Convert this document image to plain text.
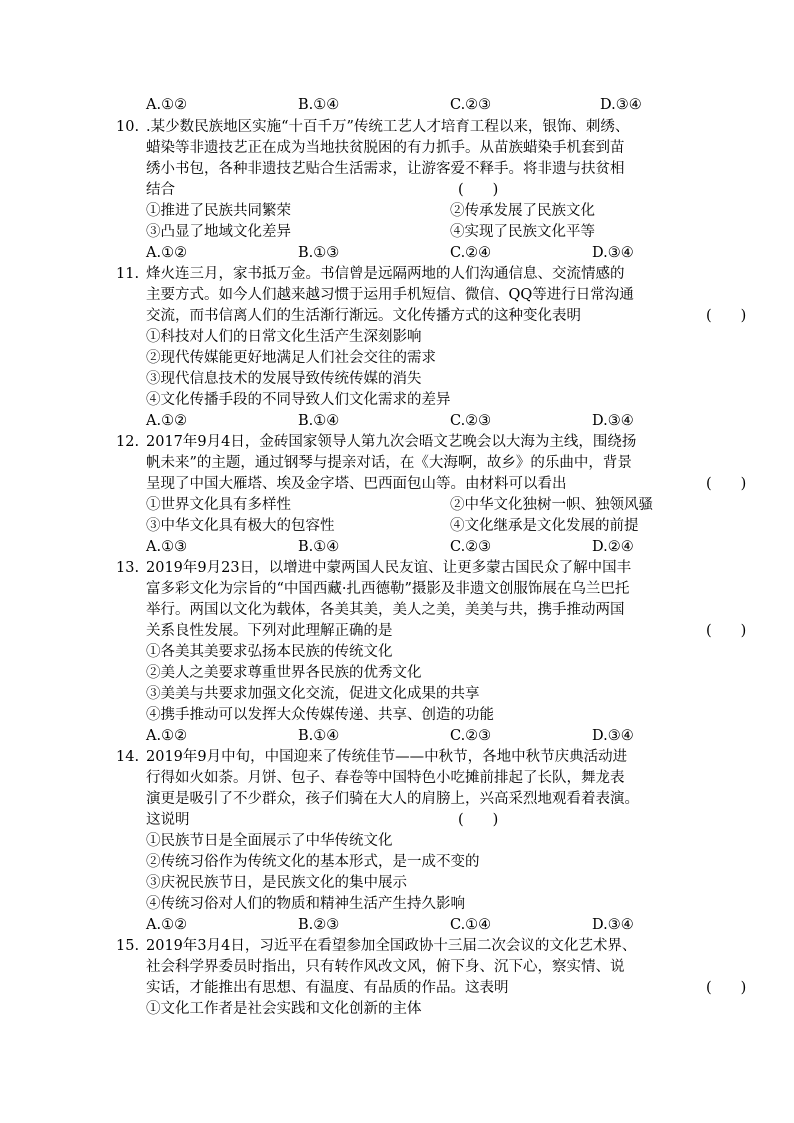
A.①②	B.①④	C.②③	D.③④
10. .某少数民族地区实施“十百千万”传统工艺人才培育工程以来，银饰、刺绣、
蜡染等非遗技艺正在成为当地扶贫脱困的有力抓手。从苗族蜡染手机套到苗
绣小书包，各种非遗技艺贴合生活需求，让游客爱不释手。将非遗与扶贫相
结合	(　　)
①推进了民族共同繁荣	②传承发展了民族文化
③凸显了地域文化差异	④实现了民族文化平等
A.①②	B.①③	C.②④	D.③④
11. 烽火连三月，家书抵万金。书信曾是远隔两地的人们沟通信息、交流情感的
主要方式。如今人们越来越习惯于运用手机短信、微信、QQ等进行日常沟通
交流，而书信离人们的生活渐行渐远。文化传播方式的这种变化表明	(　　)
①科技对人们的日常文化生活产生深刻影响
②现代传媒能更好地满足人们社会交往的需求
③现代信息技术的发展导致传统传媒的消失
④文化传播手段的不同导致人们文化需求的差异
A.①②	B.①④	C.②③	D.③④
12. 2017年9月4日，金砖国家领导人第九次会晤文艺晚会以大海为主线，围绕扬
帆未来”的主题，通过钢琴与提亲对话，在《大海啊，故乡》的乐曲中，背景
呈现了中国大雁塔、埃及金字塔、巴西面包山等。由材料可以看出	(　　)
①世界文化具有多样性	②中华文化独树一帜、独领风骚
③中华文化具有极大的包容性	④文化继承是文化发展的前提
A.①③	B.①④	C.②③	D.②④
13. 2019年9月23日，以增进中蒙两国人民友谊、让更多蒙古国民众了解中国丰
富多彩文化为宗旨的“中国西藏·扎西德勒”摄影及非遗文创服饰展在乌兰巴托
举行。两国以文化为载体，各美其美，美人之美，美美与共，携手推动两国
关系良性发展。下列对此理解正确的是	(　　)
①各美其美要求弘扬本民族的传统文化
②美人之美要求尊重世界各民族的优秀文化
③美美与共要求加强文化交流，促进文化成果的共享
④携手推动可以发挥大众传媒传递、共享、创造的功能
A.①②	B.①④	C.②③	D.③④
14. 2019年9月中旬，中国迎来了传统佳节——中秋节，各地中秋节庆典活动进
行得如火如荼。月饼、包子、春卷等中国特色小吃摊前排起了长队，舞龙表
演更是吸引了不少群众，孩子们骑在大人的肩膀上，兴高采烈地观看着表演。
这说明	(　　)
①民族节日是全面展示了中华传统文化
②传统习俗作为传统文化的基本形式，是一成不变的
③庆祝民族节日，是民族文化的集中展示
④传统习俗对人们的物质和精神生活产生持久影响
A.①②	B.②③	C.①④	D.③④
15. 2019年3月4日，习近平在看望参加全国政协十三届二次会议的文化艺术界、
社会科学界委员时指出，只有转作风改文风，俯下身、沉下心，察实情、说
实话，才能推出有思想、有温度、有品质的作品。这表明	(　　)
①文化工作者是社会实践和文化创新的主体
